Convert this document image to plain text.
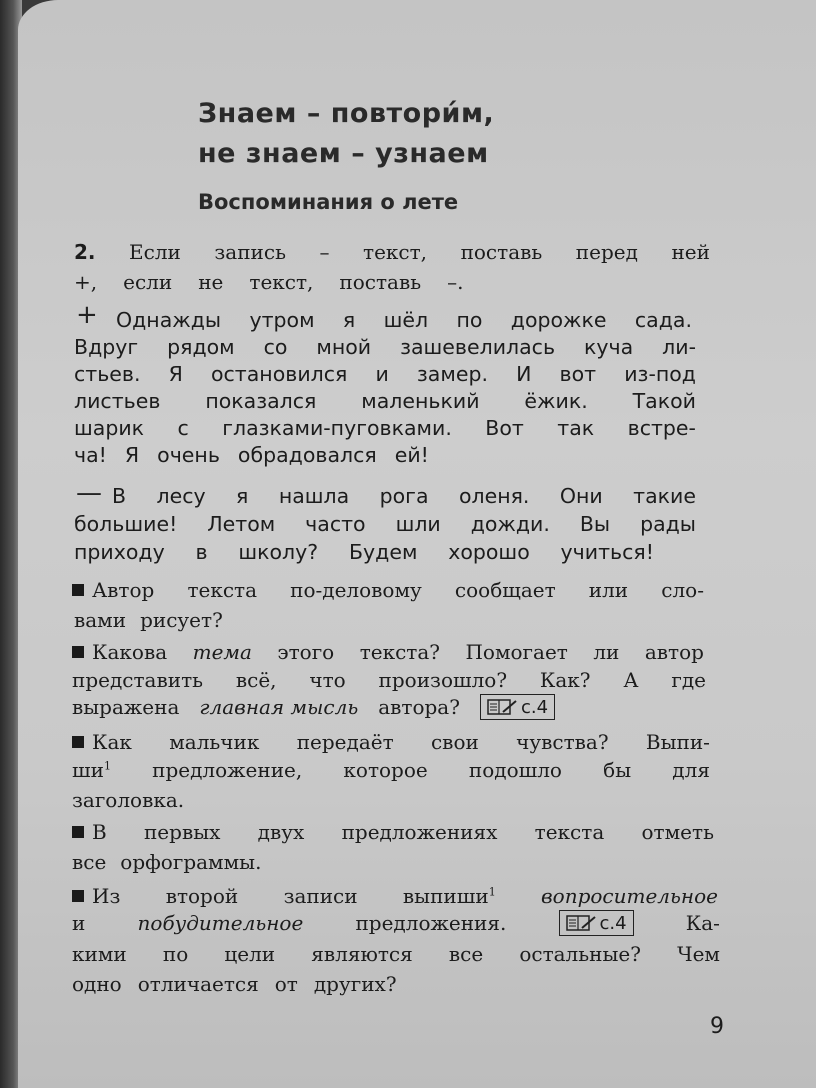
Знаем – повтори́м,
не знаем – узнаем
Воспоминания о лете
2. Если запись – текст, поставь перед ней
+, если не текст, поставь –.
+ Однажды утром я шёл по дорожке сада.
Вдруг рядом со мной зашевелилась куча ли-
стьев. Я остановился и замер. И вот из-под
листьев показался маленький ёжик. Такой
шарик с глазками-пуговками. Вот так встре-
ча! Я очень обрадовался ей!
— В лесу я нашла рога оленя. Они такие
большие! Летом часто шли дожди. Вы рады
приходу в школу? Будем хорошо учиться!
Автор текста по-деловому сообщает или сло-
вами рисует?
Какова тема этого текста? Помогает ли автор
представить всё, что произошло? Как? А где
выражена главная мысль автора?	с.4
Как мальчик передаёт свои чувства? Выпи-
$ши^1$ предложение, которое подошло бы для
заголовка.
В первых двух предложениях текста отметь
все орфограммы.
Из второй записи выпиши$^1$ вопросительное
и	побудительное	предложения.	с.4	Ка-
кими по цели являются все остальные? Чем
одно отличается от других?
9
